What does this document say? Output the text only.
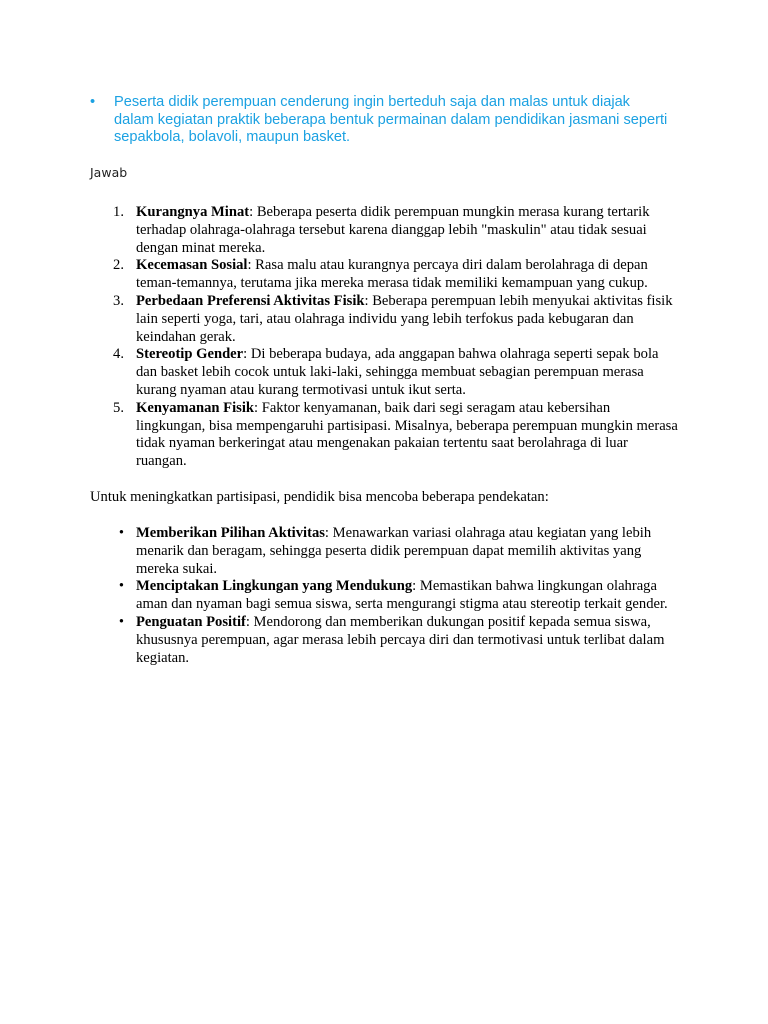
• Peserta didik perempuan cenderung ingin berteduh saja dan malas untuk diajak dalam kegiatan praktik beberapa bentuk permainan dalam pendidikan jasmani seperti sepakbola, bolavoli, maupun basket.
Jawab
1. Kurangnya Minat: Beberapa peserta didik perempuan mungkin merasa kurang tertarik terhadap olahraga-olahraga tersebut karena dianggap lebih "maskulin" atau tidak sesuai dengan minat mereka.
2. Kecemasan Sosial: Rasa malu atau kurangnya percaya diri dalam berolahraga di depan teman-temannya, terutama jika mereka merasa tidak memiliki kemampuan yang cukup.
3. Perbedaan Preferensi Aktivitas Fisik: Beberapa perempuan lebih menyukai aktivitas fisik lain seperti yoga, tari, atau olahraga individu yang lebih terfokus pada kebugaran dan keindahan gerak.
4. Stereotip Gender: Di beberapa budaya, ada anggapan bahwa olahraga seperti sepak bola dan basket lebih cocok untuk laki-laki, sehingga membuat sebagian perempuan merasa kurang nyaman atau kurang termotivasi untuk ikut serta.
5. Kenyamanan Fisik: Faktor kenyamanan, baik dari segi seragam atau kebersihan lingkungan, bisa mempengaruhi partisipasi. Misalnya, beberapa perempuan mungkin merasa tidak nyaman berkeringat atau mengenakan pakaian tertentu saat berolahraga di luar ruangan.

Untuk meningkatkan partisipasi, pendidik bisa mencoba beberapa pendekatan:

• Memberikan Pilihan Aktivitas: Menawarkan variasi olahraga atau kegiatan yang lebih menarik dan beragam, sehingga peserta didik perempuan dapat memilih aktivitas yang mereka sukai.
• Menciptakan Lingkungan yang Mendukung: Memastikan bahwa lingkungan olahraga aman dan nyaman bagi semua siswa, serta mengurangi stigma atau stereotip terkait gender.
• Penguatan Positif: Mendorong dan memberikan dukungan positif kepada semua siswa, khususnya perempuan, agar merasa lebih percaya diri dan termotivasi untuk terlibat dalam kegiatan.
